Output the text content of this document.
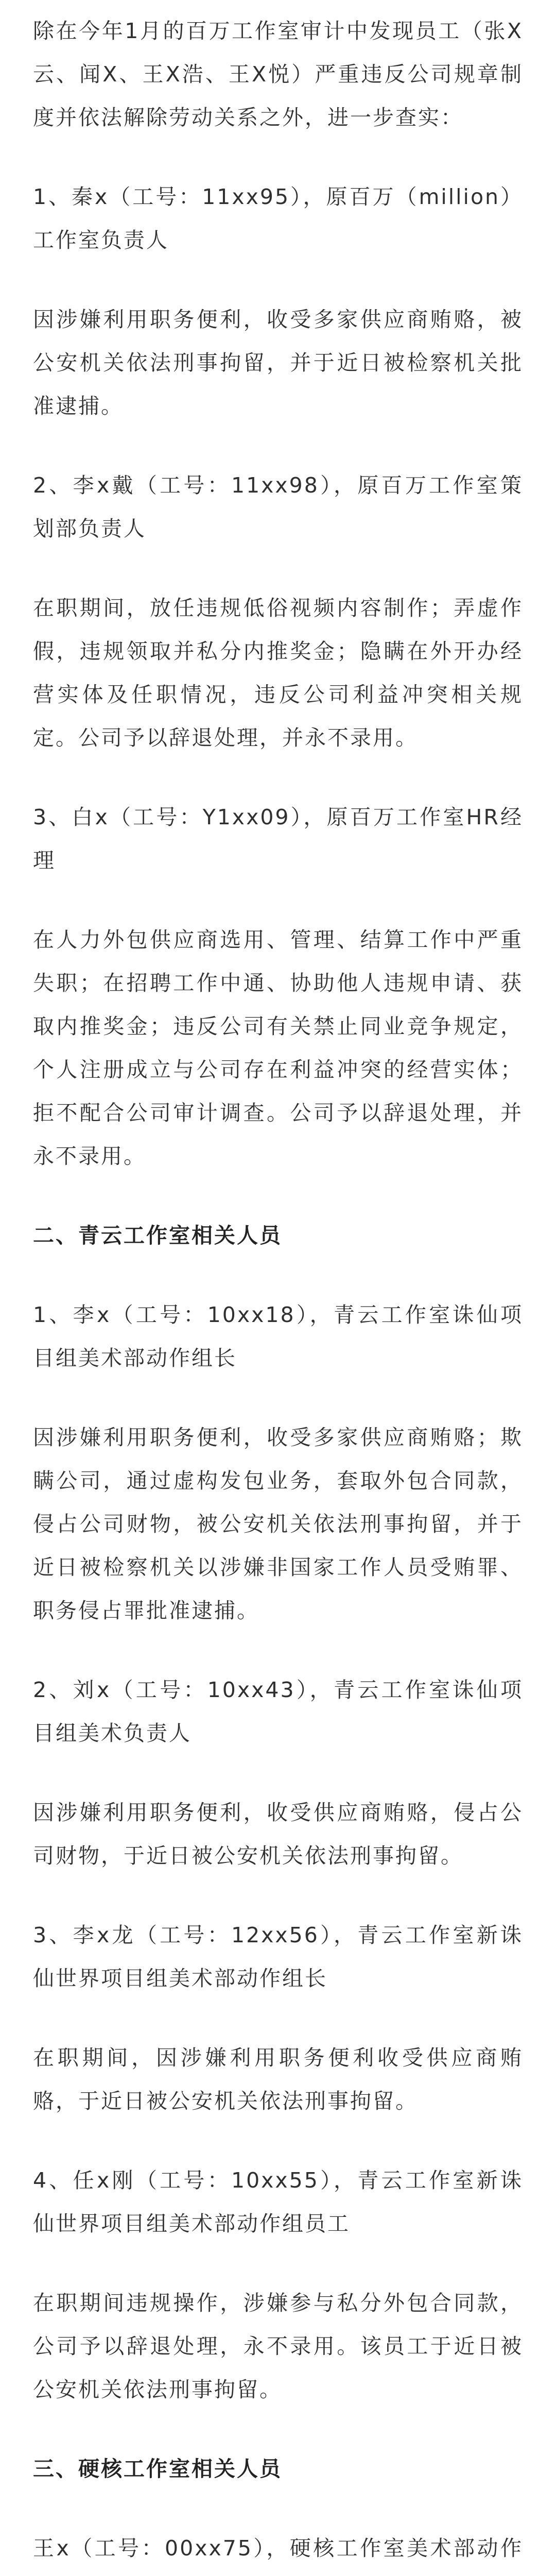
除在今年1月的百万工作室审计中发现员工（张X云、闻X、王X浩、王X悦）严重违反公司规章制度并依法解除劳动关系之外，进一步查实：

1、秦x（工号：11xx95），原百万（million）工作室负责人

因涉嫌利用职务便利，收受多家供应商贿赂，被公安机关依法刑事拘留，并于近日被检察机关批准逮捕。

2、李x戴（工号：11xx98），原百万工作室策划部负责人

在职期间，放任违规低俗视频内容制作；弄虚作假，违规领取并私分内推奖金；隐瞒在外开办经营实体及任职情况，违反公司利益冲突相关规定。公司予以辞退处理，并永不录用。

3、白x（工号：Y1xx09），原百万工作室HR经理

在人力外包供应商选用、管理、结算工作中严重失职；在招聘工作中通、协助他人违规申请、获取内推奖金；违反公司有关禁止同业竞争规定，个人注册成立与公司存在利益冲突的经营实体；拒不配合公司审计调查。公司予以辞退处理，并永不录用。

二、青云工作室相关人员

1、李x（工号：10xx18），青云工作室诛仙项目组美术部动作组长

因涉嫌利用职务便利，收受多家供应商贿赂；欺瞒公司，通过虚构发包业务，套取外包合同款，侵占公司财物，被公安机关依法刑事拘留，并于近日被检察机关以涉嫌非国家工作人员受贿罪、职务侵占罪批准逮捕。

2、刘x（工号：10xx43），青云工作室诛仙项目组美术负责人

因涉嫌利用职务便利，收受供应商贿赂，侵占公司财物，于近日被公安机关依法刑事拘留。

3、李x龙（工号：12xx56），青云工作室新诛仙世界项目组美术部动作组长

在职期间，因涉嫌利用职务便利收受供应商贿赂，于近日被公安机关依法刑事拘留。

4、任x刚（工号：10xx55），青云工作室新诛仙世界项目组美术部动作组员工

在职期间违规操作，涉嫌参与私分外包合同款，公司予以辞退处理，永不录用。该员工于近日被公安机关依法刑事拘留。

三、硬核工作室相关人员

王x（工号：00xx75），硬核工作室美术部动作
